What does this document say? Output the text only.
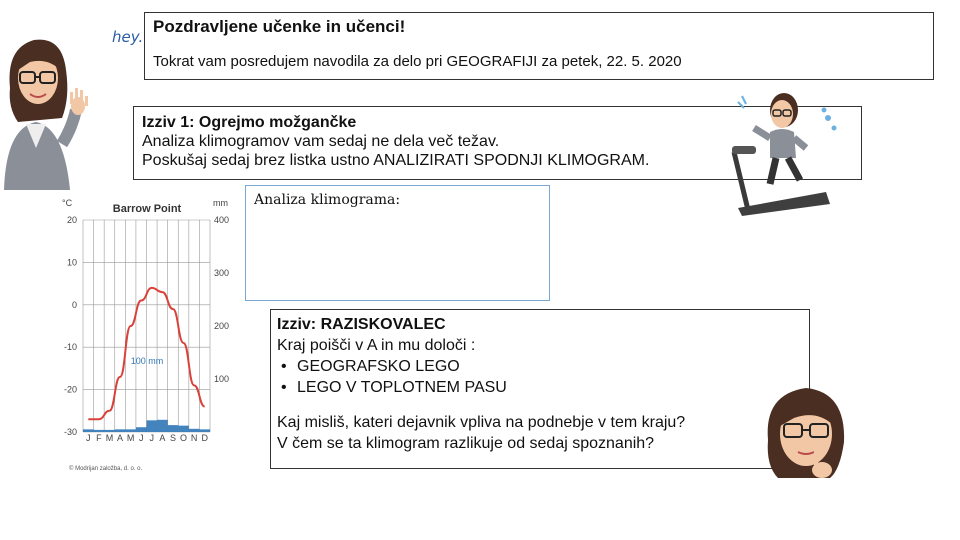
hey.
Pozdravljene učenke in učenci!
Tokrat vam posredujem navodila za delo pri GEOGRAFIJI za petek, 22. 5. 2020
Izziv 1: Ogrejmo možgančke
Analiza klimogramov vam sedaj ne dela več težav.
Poskušaj sedaj brez listka ustno ANALIZIRATI SPODNJI KLIMOGRAM.
°C	Barrow Point	mm
20
10
0
-10
-20
-30
400
300
200
100
J F M A M J J A S O N D
100 mm
© Modrijan založba, d. o. o.
Analiza klimograma:
Izziv: RAZISKOVALEC
Kraj poišči v A in mu določi :
• GEOGRAFSKO LEGO
• LEGO V TOPLOTNEM PASU
Kaj misliš, kateri dejavnik vpliva na podnebje v tem kraju?
V čem se ta klimogram razlikuje od sedaj spoznanih?
